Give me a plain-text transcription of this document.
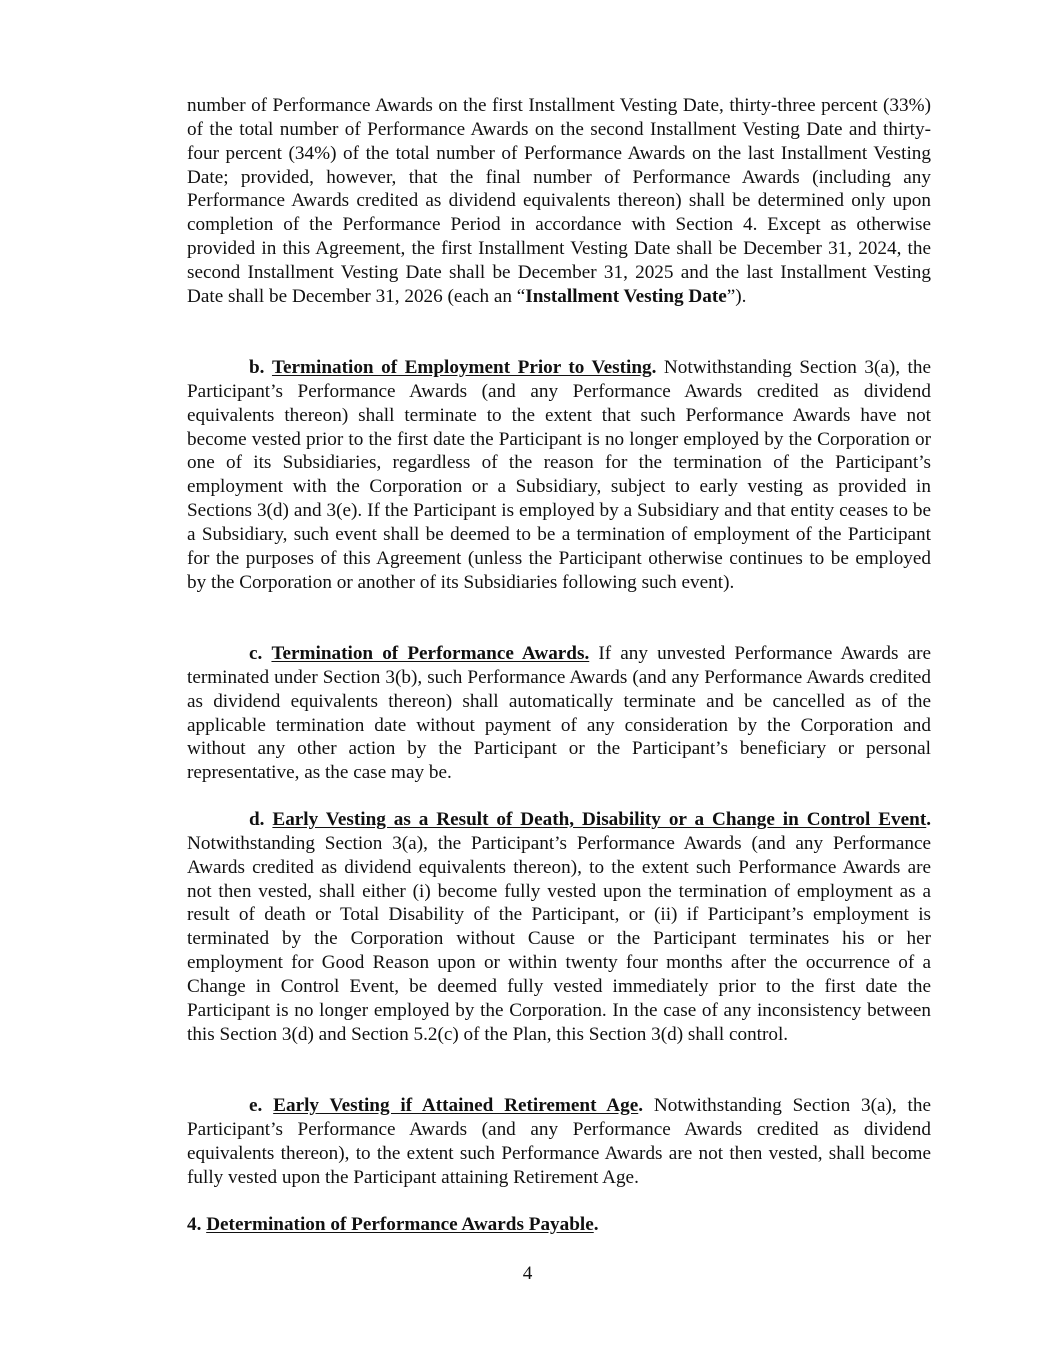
number of Performance Awards on the first Installment Vesting Date, thirty-three percent (33%) of the total number of Performance Awards on the second Installment Vesting Date and thirty-four percent (34%) of the total number of Performance Awards on the last Installment Vesting Date; provided, however, that the final number of Performance Awards (including any Performance Awards credited as dividend equivalents thereon) shall be determined only upon completion of the Performance Period in accordance with Section 4. Except as otherwise provided in this Agreement, the first Installment Vesting Date shall be December 31, 2024, the second Installment Vesting Date shall be December 31, 2025 and the last Installment Vesting Date shall be December 31, 2026 (each an “Installment Vesting Date”).

b. Termination of Employment Prior to Vesting. Notwithstanding Section 3(a), the Participant’s Performance Awards (and any Performance Awards credited as dividend equivalents thereon) shall terminate to the extent that such Performance Awards have not become vested prior to the first date the Participant is no longer employed by the Corporation or one of its Subsidiaries, regardless of the reason for the termination of the Participant’s employment with the Corporation or a Subsidiary, subject to early vesting as provided in Sections 3(d) and 3(e). If the Participant is employed by a Subsidiary and that entity ceases to be a Subsidiary, such event shall be deemed to be a termination of employment of the Participant for the purposes of this Agreement (unless the Participant otherwise continues to be employed by the Corporation or another of its Subsidiaries following such event).

c. Termination of Performance Awards. If any unvested Performance Awards are terminated under Section 3(b), such Performance Awards (and any Performance Awards credited as dividend equivalents thereon) shall automatically terminate and be cancelled as of the applicable termination date without payment of any consideration by the Corporation and without any other action by the Participant or the Participant’s beneficiary or personal representative, as the case may be.

d. Early Vesting as a Result of Death, Disability or a Change in Control Event. Notwithstanding Section 3(a), the Participant’s Performance Awards (and any Performance Awards credited as dividend equivalents thereon), to the extent such Performance Awards are not then vested, shall either (i) become fully vested upon the termination of employment as a result of death or Total Disability of the Participant, or (ii) if Participant’s employment is terminated by the Corporation without Cause or the Participant terminates his or her employment for Good Reason upon or within twenty four months after the occurrence of a Change in Control Event, be deemed fully vested immediately prior to the first date the Participant is no longer employed by the Corporation. In the case of any inconsistency between this Section 3(d) and Section 5.2(c) of the Plan, this Section 3(d) shall control.

e. Early Vesting if Attained Retirement Age. Notwithstanding Section 3(a), the Participant’s Performance Awards (and any Performance Awards credited as dividend equivalents thereon), to the extent such Performance Awards are not then vested, shall become fully vested upon the Participant attaining Retirement Age.

4. Determination of Performance Awards Payable.

4
